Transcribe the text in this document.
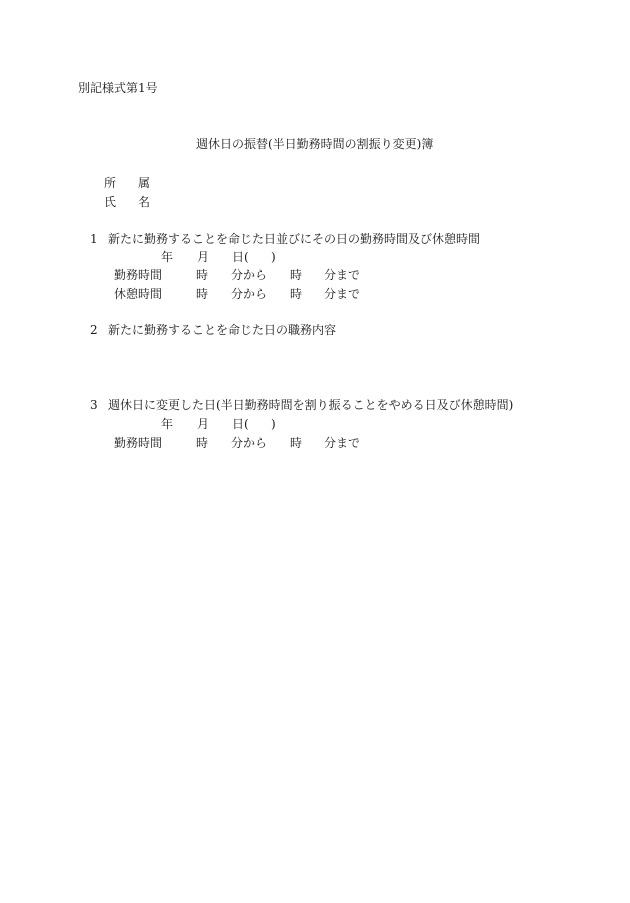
別記様式第1号
週休日の振替(半日勤務時間の割振り変更)簿
所 属
氏 名
1 新たに勤務することを命じた日並びにその日の勤務時間及び休憩時間
年 月 日( )
勤務時間	時 分から 時 分まで
休憩時間	時 分から 時 分まで
2 新たに勤務することを命じた日の職務内容
3 週休日に変更した日(半日勤務時間を割り振ることをやめる日及び休憩時間)
年 月 日( )
勤務時間	時 分から 時 分まで
